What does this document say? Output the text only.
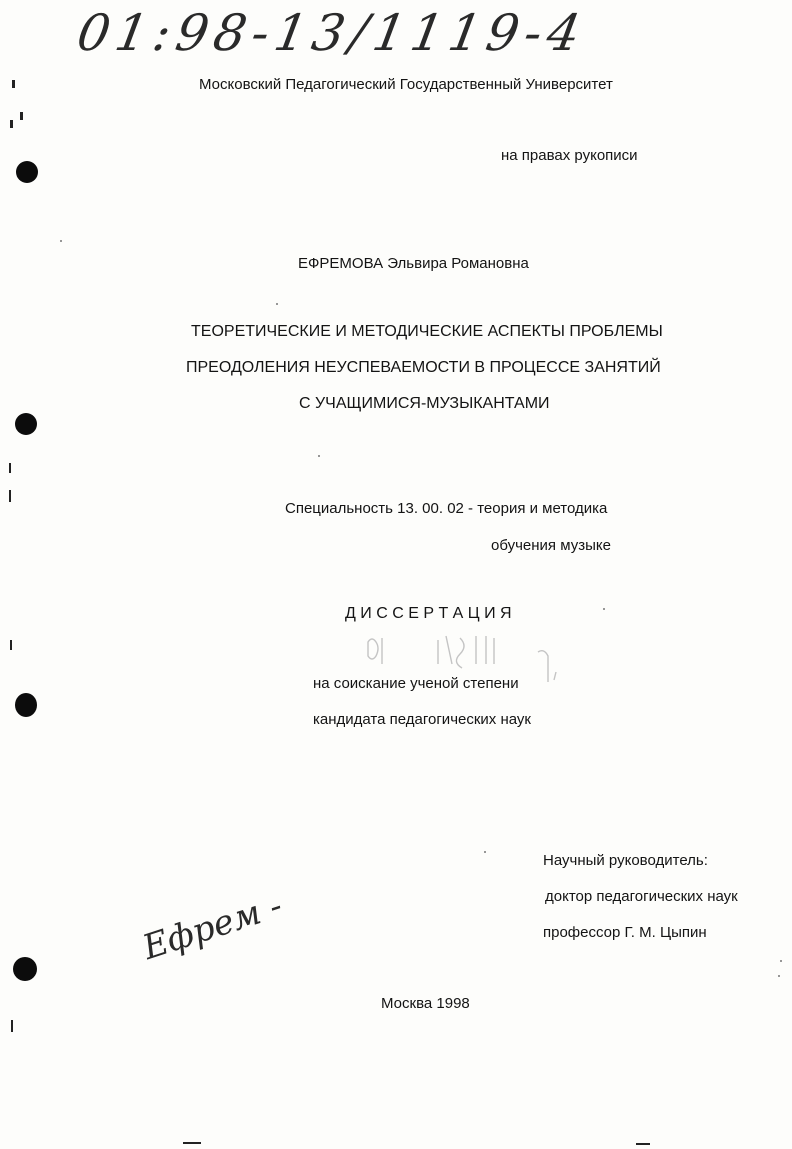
01:98-13/1119-4
Московский Педагогический Государственный Университет
на правах рукописи
ЕФРЕМОВА Эльвира Романовна
ТЕОРЕТИЧЕСКИЕ И МЕТОДИЧЕСКИЕ АСПЕКТЫ ПРОБЛЕМЫ
ПРЕОДОЛЕНИЯ НЕУСПЕВАЕМОСТИ В ПРОЦЕССЕ ЗАНЯТИЙ
С УЧАЩИМИСЯ-МУЗЫКАНТАМИ
Специальность 13. 00. 02 - теория и методика
обучения музыке
Д И С С Е Р Т А Ц И Я
на соискание ученой степени
кандидата педагогических наук
Научный руководитель:
доктор педагогических наук
профессор Г. М. Цыпин
Москва 1998
Ефрем -
